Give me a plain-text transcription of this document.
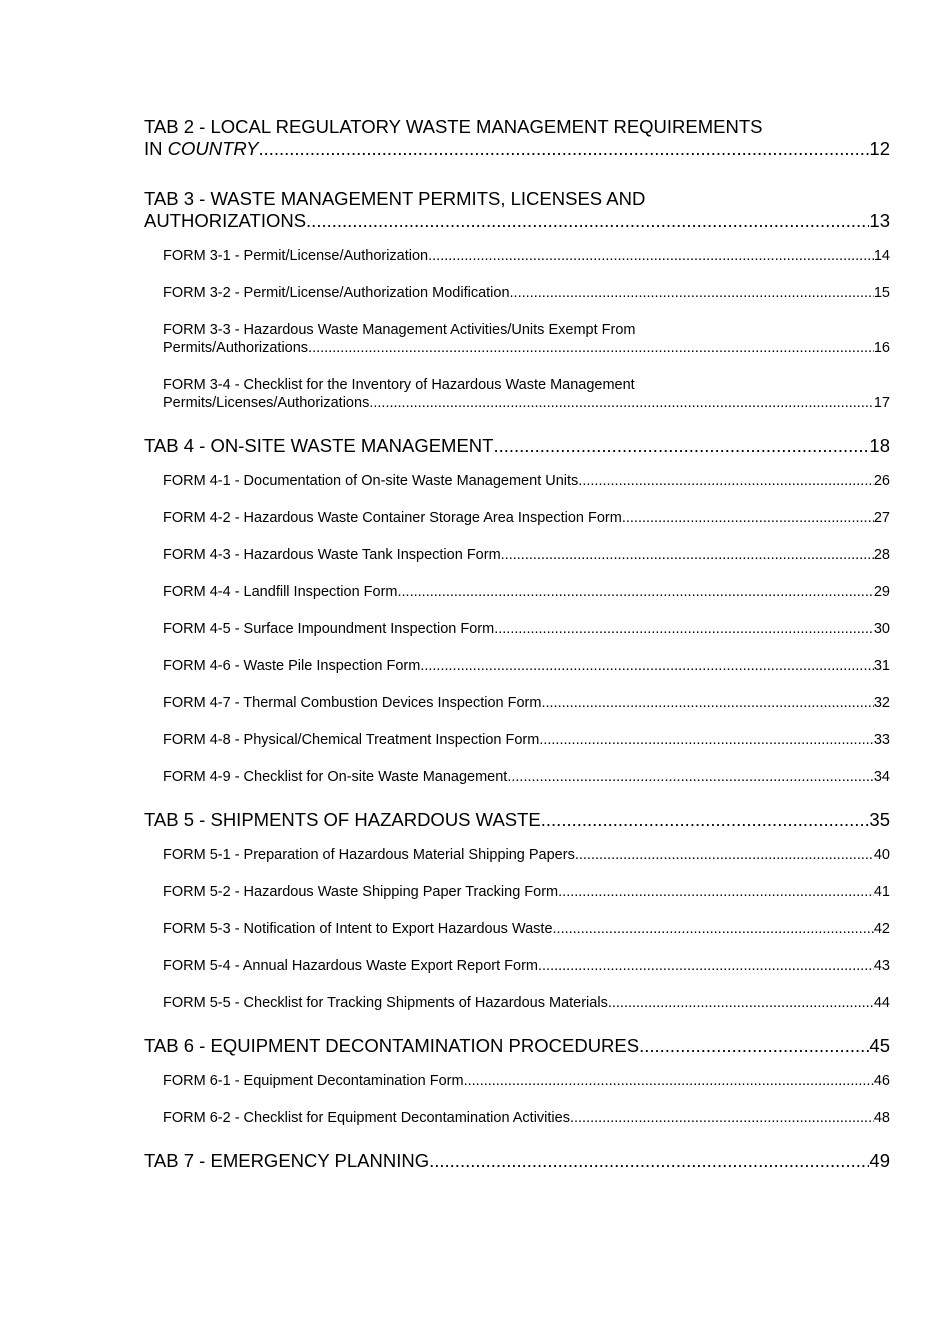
TAB 2 - LOCAL REGULATORY WASTE MANAGEMENT REQUIREMENTS
IN COUNTRY .....	12
TAB 3 - WASTE MANAGEMENT PERMITS, LICENSES AND
AUTHORIZATIONS .....	13
FORM 3-1 - Permit/License/Authorization .....	14
FORM 3-2 - Permit/License/Authorization Modification .....	15
FORM 3-3 - Hazardous Waste Management Activities/Units Exempt From
Permits/Authorizations .....	16
FORM 3-4 - Checklist for the Inventory of Hazardous Waste Management
Permits/Licenses/Authorizations .....	17
TAB 4 - ON-SITE WASTE MANAGEMENT .....	18
FORM 4-1 - Documentation of On-site Waste Management Units .....	26
FORM 4-2 - Hazardous Waste Container Storage Area Inspection Form .....	27
FORM 4-3 - Hazardous Waste Tank Inspection Form .....	28
FORM 4-4 - Landfill Inspection Form .....	29
FORM 4-5 - Surface Impoundment Inspection Form .....	30
FORM 4-6 - Waste Pile Inspection Form .....	31
FORM 4-7 - Thermal Combustion Devices Inspection Form .....	32
FORM 4-8 - Physical/Chemical Treatment Inspection Form .....	33
FORM 4-9 - Checklist for On-site Waste Management .....	34
TAB 5 - SHIPMENTS OF HAZARDOUS WASTE .....	35
FORM 5-1 - Preparation of Hazardous Material Shipping Papers .....	40
FORM 5-2 - Hazardous Waste Shipping Paper Tracking Form .....	41
FORM 5-3 - Notification of Intent to Export Hazardous Waste .....	42
FORM 5-4 - Annual Hazardous Waste Export Report Form .....	43
FORM 5-5 - Checklist for Tracking Shipments of Hazardous Materials .....	44
TAB 6 - EQUIPMENT DECONTAMINATION PROCEDURES .....	45
FORM 6-1 - Equipment Decontamination Form .....	46
FORM 6-2 - Checklist for Equipment Decontamination Activities .....	48
TAB 7 - EMERGENCY PLANNING .....	49
